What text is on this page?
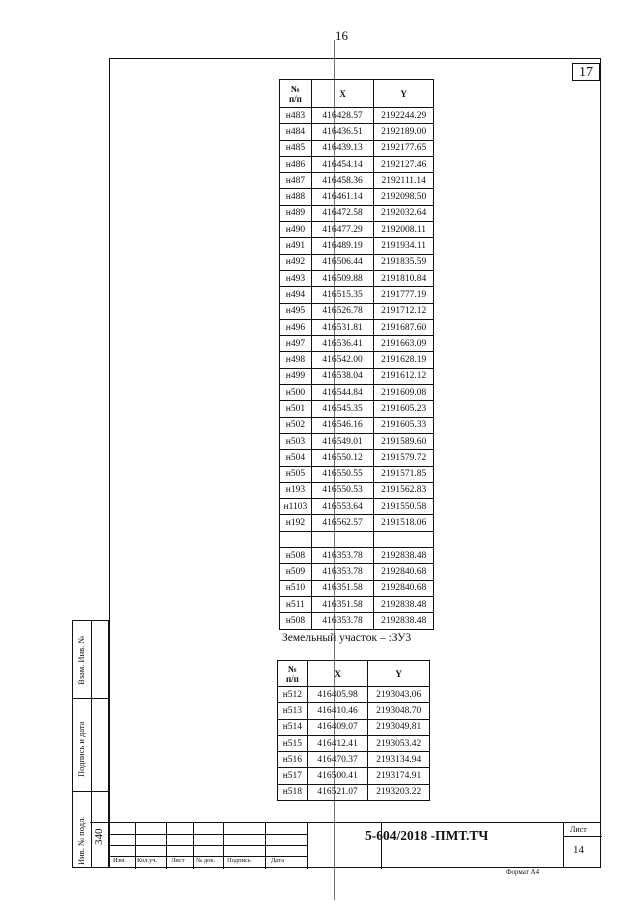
16
17
№
п/п	X	Y
н483	416428.57	2192244.29
н484	416436.51	2192189.00
н485	416439.13	2192177.65
н486	416454.14	2192127.46
н487	416458.36	2192111.14
н488	416461.14	2192098.50
н489	416472.58	2192032.64
н490	416477.29	2192008.11
н491	416489.19	2191934.11
н492	416506.44	2191835.59
н493	416509.88	2191810.84
н494	416515.35	2191777.19
н495	416526.78	2191712.12
н496	416531.81	2191687.60
н497	416536.41	2191663.09
н498	416542.00	2191628.19
н499	416538.04	2191612.12
н500	416544.84	2191609.08
н501	416545.35	2191605.23
н502	416546.16	2191605.33
н503	416549.01	2191589.60
н504	416550.12	2191579.72
н505	416550.55	2191571.85
н193	416550.53	2191562.83
н1103	416553.64	2191550.58
н192	416562.57	2191518.06

н508	416353.78	2192838.48
н509	416353.78	2192840.68
н510	416351.58	2192840.68
н511	416351.58	2192838.48
н508	416353.78	2192838.48
Земельный участок – :ЗУ3
№
п/п	X	Y
н512	416405.98	2193043.06
н513	416410.46	2193048.70
н514	416409.07	2193049.81
н515	416412.41	2193053.42
н516	416470.37	2193134.94
н517	416500.41	2193174.91
н518	416521.07	2193203.22
Взам. Инв. №
Подпись и дата
Инв. № подл. 340
Изм. Кол.уч. Лист № док. Подпись	Дата
5-604/2018 -ПМТ.ТЧ	Лист
14
Формат А4
